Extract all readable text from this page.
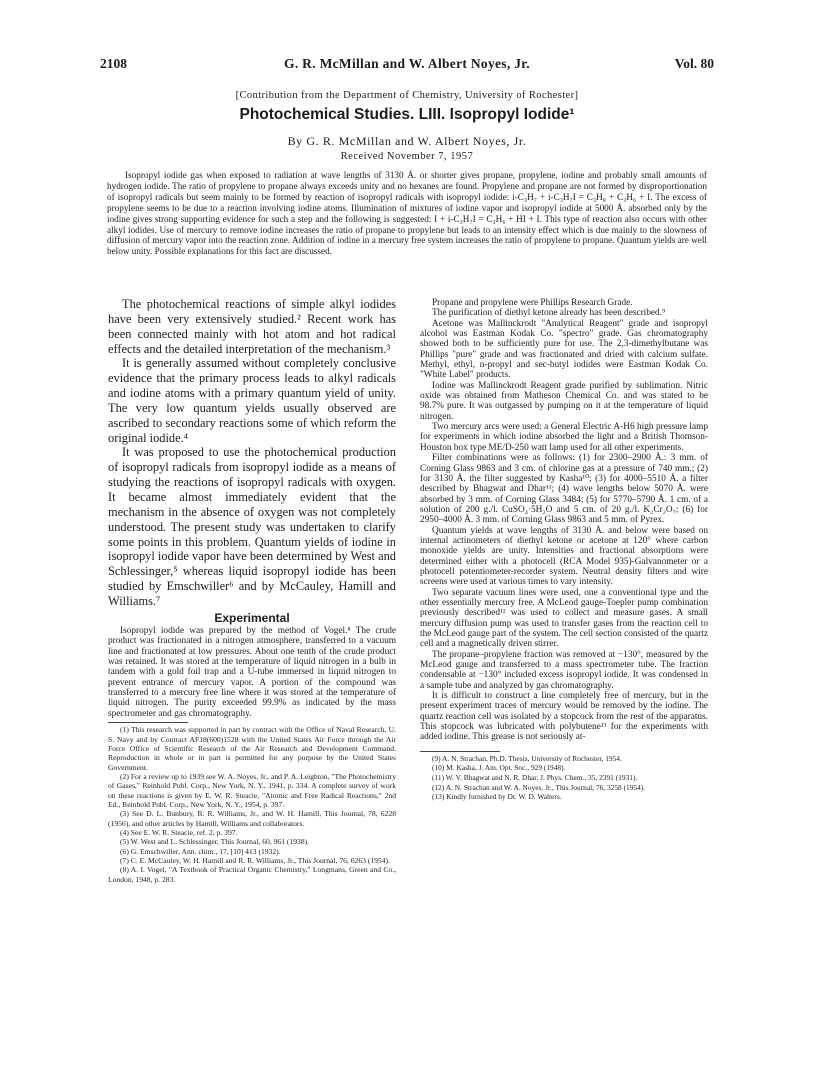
2108	G. R. McMillan and W. Albert Noyes, Jr.	Vol. 80
[Contribution from the Department of Chemistry, University of Rochester]
Photochemical Studies. LIII. Isopropyl Iodide¹
By G. R. McMillan and W. Albert Noyes, Jr.
Received November 7, 1957
Isopropyl iodide gas when exposed to radiation at wave lengths of 3130 Å. or shorter gives propane, propylene, iodine and probably small amounts of hydrogen iodide. The ratio of propylene to propane always exceeds unity and no hexanes are found. Propylene and propane are not formed by disproportionation of isopropyl radicals but seem mainly to be formed by reaction of isopropyl radicals with isopropyl iodide: i-C₃H₇ + i-C₃H₇I = C₃H₈ + C₃H₆ + I. The excess of propylene seems to be due to a reaction involving iodine atoms. Illumination of mixtures of iodine vapor and isopropyl iodide at 5000 Å. absorbed only by the iodine gives strong supporting evidence for such a step and the following is suggested: I + i-C₃H₇I = C₃H₆ + HI + I. This type of reaction also occurs with other alkyl iodides. Use of mercury to remove iodine increases the ratio of propane to propylene but leads to an intensity effect which is due mainly to the slowness of diffusion of mercury vapor into the reaction zone. Addition of iodine in a mercury free system increases the ratio of propylene to propane. Quantum yields are well below unity. Possible explanations for this fact are discussed.

The photochemical reactions of simple alkyl iodides have been very extensively studied.² Recent work has been connected mainly with hot atom and hot radical effects and the detailed interpretation of the mechanism.³

It is generally assumed without completely conclusive evidence that the primary process leads to alkyl radicals and iodine atoms with a primary quantum yield of unity. The very low quantum yields usually observed are ascribed to secondary reactions some of which reform the original iodide.⁴

It was proposed to use the photochemical production of isopropyl radicals from isopropyl iodide as a means of studying the reactions of isopropyl radicals with oxygen. It became almost immediately evident that the mechanism in the absence of oxygen was not completely understood. The present study was undertaken to clarify some points in this problem. Quantum yields of iodine in isopropyl iodide vapor have been determined by West and Schlessinger,⁵ whereas liquid isopropyl iodide has been studied by Emschwiller⁶ and by McCauley, Hamill and Williams.⁷

Experimental

Isopropyl iodide was prepared by the method of Vogel.⁸ The crude product was fractionated in a nitrogen atmosphere, transferred to a vacuum line and fractionated at low pressures. About one tenth of the crude product was retained. It was stored at the temperature of liquid nitrogen in a bulb in tandem with a gold foil trap and a U-tube immersed in liquid nitrogen to prevent entrance of mercury vapor. A portion of the compound was transferred to a mercury free line where it was stored at the temperature of liquid nitrogen. The purity exceeded 99.9% as indicated by the mass spectrometer and gas chromatography.

(1) This research was supported in part by contract with the Office of Naval Research, U. S. Navy and by Contract AF18(600)1528 with the United States Air Force through the Air Force Office of Scientific Research of the Air Research and Development Command. Reproduction in whole or in part is permitted for any purpose by the United States Government.

(2) For a review up to 1939 see W. A. Noyes, Jr., and P. A. Leighton, "The Photochemistry of Gases," Reinhold Publ. Corp., New York, N. Y., 1941, p. 334. A complete survey of work on these reactions is given by E. W. R. Steacie, "Atomic and Free Radical Reactions," 2nd Ed., Reinhold Publ. Corp., New York, N. Y., 1954, p. 397.

(3) See D. L. Bunbury, R. R. Williams, Jr., and W. H. Hamill, This Journal, 78, 6228 (1956), and other articles by Hamill, Williams and collaborators.

(4) See E. W. R. Steacie, ref. 2, p. 397.

(5) W. West and L. Schlessinger, This Journal, 60, 961 (1938).

(6) G. Emschwiller, Ann. chim., 17, [10] 413 (1932).

(7) C. E. McCauley, W. H. Hamill and R. R. Williams, Jr., This Journal, 76, 6263 (1954).

(8) A. I. Vogel, "A Textbook of Practical Organic Chemistry," Longmans, Green and Co., London, 1948, p. 283.

Propane and propylene were Phillips Research Grade.

The purification of diethyl ketone already has been described.⁹

Acetone was Mallinckrodt "Analytical Reagent" grade and isopropyl alcohol was Eastman Kodak Co. "spectro" grade. Gas chromatography showed both to be sufficiently pure for use. The 2,3-dimethylbutane was Phillips "pure" grade and was fractionated and dried with calcium sulfate. Methyl, ethyl, n-propyl and sec-butyl iodides were Eastman Kodak Co. "White Label" products.

Iodine was Mallinckrodt Reagent grade purified by sublimation. Nitric oxide was obtained from Matheson Chemical Co. and was stated to be 98.7% pure. It was outgassed by pumping on it at the temperature of liquid nitrogen.

Two mercury arcs were used: a General Electric A-H6 high pressure lamp for experiments in which iodine absorbed the light and a British Thomson-Houston box type ME/D-250 watt lamp used for all other experiments.

Filter combinations were as follows: (1) for 2300–2900 Å.: 3 mm. of Corning Glass 9863 and 3 cm. of chlorine gas at a pressure of 740 mm.; (2) for 3130 Å. the filter suggested by Kasha¹⁰; (3) for 4000–5510 Å. a filter described by Bhagwat and Dhar¹¹; (4) wave lengths below 5070 Å. were absorbed by 3 mm. of Corning Glass 3484; (5) for 5770–5790 Å. 1 cm. of a solution of 200 g./l. CuSO₄·5H₂O and 5 cm. of 20 g./l. K₂Cr₂O₇; (6) for 2950–4000 Å. 3 mm. of Corning Glass 9863 and 5 mm. of Pyrex.

Quantum yields at wave lengths of 3130 Å. and below were based on internal actinometers of diethyl ketone or acetone at 120° where carbon monoxide yields are unity. Intensities and fractional absorptions were determined either with a photocell (RCA Model 935)-Galvanometer or a photocell potentiometer-recorder system. Neutral density filters and wire screens were used at various times to vary intensity.

Two separate vacuum lines were used, one a conventional type and the other essentially mercury free. A McLeod gauge-Toepler pump combination previously described¹² was used to collect and measure gases. A small mercury diffusion pump was used to transfer gases from the reaction cell to the McLeod gauge part of the system. The cell section consisted of the quartz cell and a magnetically driven stirrer.

The propane–propylene fraction was removed at −130°, measured by the McLeod gauge and transferred to a mass spectrometer tube. The fraction condensable at −130° included excess isopropyl iodide. It was condensed in a sample tube and analyzed by gas chromatography.

It is difficult to construct a line completely free of mercury, but in the present experiment traces of mercury would be removed by the iodine. The quartz reaction cell was isolated by a stopcock from the rest of the apparatus. This stopcock was lubricated with polybutene¹³ for the experiments with added iodine. This grease is not seriously at-

(9) A. N. Strachan, Ph.D. Thesis, University of Rochester, 1954.

(10) M. Kasha, J. Am. Opt. Soc., 929 (1948).

(11) W. V. Bhagwat and N. R. Dhar, J. Phys. Chem., 35, 2391 (1931).

(12) A. N. Strachan and W. A. Noyes, Jr., This Journal, 76, 3258 (1954).

(13) Kindly furnished by Dr. W. D. Walters.
